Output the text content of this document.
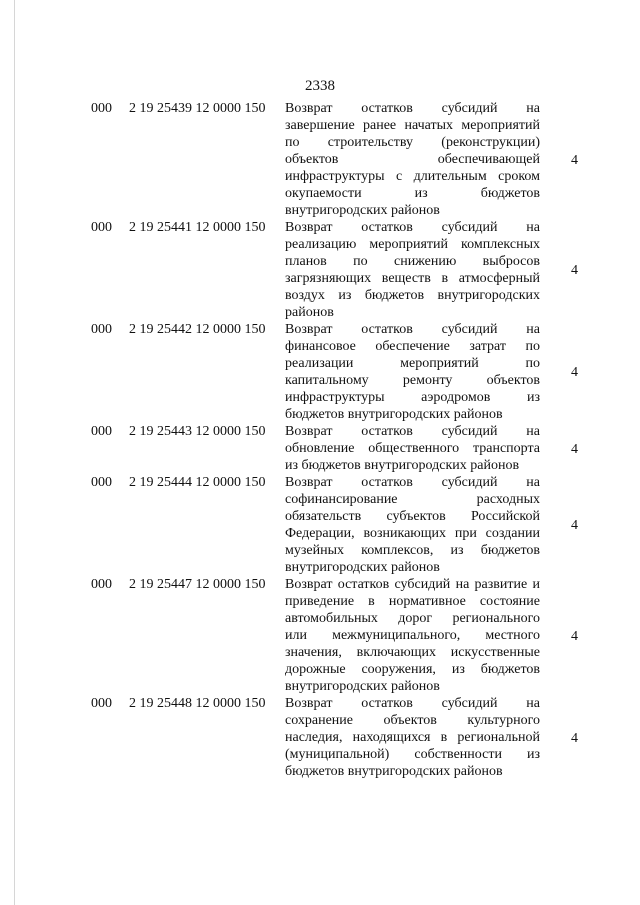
2338
000 2 19 25439 12 0000 150 Возврат остатков субсидий на
завершение ранее начатых мероприятий
по строительству (реконструкции)
объектов обеспечивающей
инфраструктуры с длительным сроком
окупаемости из бюджетов
внутригородских районов
4
000 2 19 25441 12 0000 150 Возврат остатков субсидий на
реализацию мероприятий комплексных
планов по снижению выбросов
загрязняющих веществ в атмосферный
воздух из бюджетов внутригородских
районов
4
000 2 19 25442 12 0000 150 Возврат остатков субсидий на
финансовое обеспечение затрат по
реализации мероприятий по
капитальному ремонту объектов
инфраструктуры аэродромов из
бюджетов внутригородских районов
4
000 2 19 25443 12 0000 150 Возврат остатков субсидий на
обновление общественного транспорта
из бюджетов внутригородских районов
4
000 2 19 25444 12 0000 150 Возврат остатков субсидий на
софинансирование расходных
обязательств субъектов Российской
Федерации, возникающих при создании
музейных комплексов, из бюджетов
внутригородских районов
4
000 2 19 25447 12 0000 150 Возврат остатков субсидий на развитие и
приведение в нормативное состояние
автомобильных дорог регионального
или межмуниципального, местного
значения, включающих искусственные
дорожные сооружения, из бюджетов
внутригородских районов
4
000 2 19 25448 12 0000 150 Возврат остатков субсидий на
сохранение объектов культурного
наследия, находящихся в региональной
(муниципальной) собственности из
бюджетов внутригородских районов
4
